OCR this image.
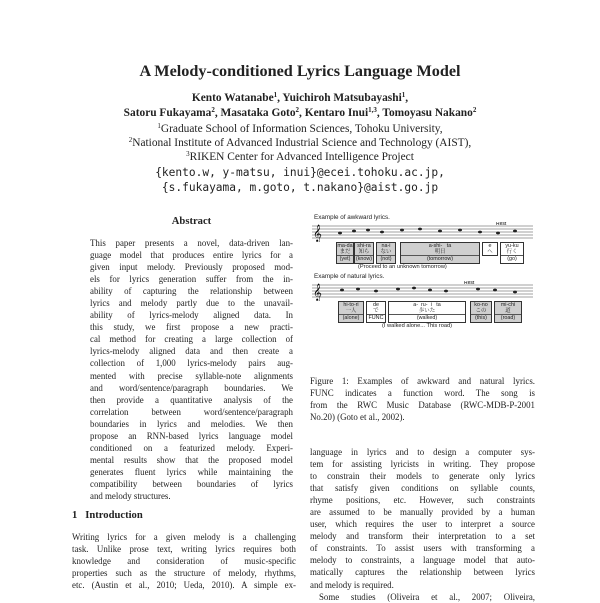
A Melody-conditioned Lyrics Language Model
Kento Watanabe$^1$, Yuichiroh Matsubayashi$^1$,
Satoru Fukayama$^2$, Masataka Goto$^2$, Kentaro Inui$^{1,3}$, Tomoyasu Nakano$^2$
$^1$Graduate School of Information Sciences, Tohoku University,
$^2$National Institute of Advanced Industrial Science and Technology (AIST),
$^3$RIKEN Center for Advanced Intelligence Project
{kento.w, y-matsu, inui}@ecei.tohoku.ac.jp,
{s.fukayama, m.goto, t.nakano}@aist.go.jp
Abstract
This paper presents a novel, data-driven lan-
guage model that produces entire lyrics for a
given input melody. Previously proposed mod-
els for lyrics generation suffer from the in-
ability of capturing the relationship between
lyrics and melody partly due to the unavail-
ability of lyrics-melody aligned data. In
this study, we first propose a new practi-
cal method for creating a large collection of
lyrics-melody aligned data and then create a
collection of 1,000 lyrics-melody pairs aug-
mented with precise syllable-note alignments
and word/sentence/paragraph boundaries. We
then provide a quantitative analysis of the
correlation between word/sentence/paragraph
boundaries in lyrics and melodies. We then
propose an RNN-based lyrics language model
conditioned on a featurized melody. Experi-
mental results show that the proposed model
generates fluent lyrics while maintaining the
compatibility between boundaries of lyrics
and melody structures.
1 Introduction
Writing lyrics for a given melody is a challenging
task. Unlike prose text, writing lyrics requires both
knowledge and consideration of music-specific
properties such as the structure of melody, rhythms,
etc. (Austin et al., 2010; Ueda, 2010). A simple ex-
Example of awkward lyrics.
𝄞	Rest
ma-da
まだ
(yet)
shi-ra
知ら
(know)
na-i
ない
(not)
a-shi-   ta
明日
(tomorrow)
e
へ
yu-ku
行く
(go)
(Proceed to an unknown tomorrow)
Example of natural lyrics.
𝄞	Rest
hi-to-ri
一人
(alone)
de
で
FUNC
a-  ru-  i   ta
歩いた
(walked)
ko-no
この
(this)
mi-chi
道
(road)
(I walked alone... This road)
Figure 1: Examples of awkward and natural lyrics.
FUNC indicates a function word. The song is
from the RWC Music Database (RWC-MDB-P-2001
No.20) (Goto et al., 2002).
language in lyrics and to design a computer sys-
tem for assisting lyricists in writing. They propose
to constrain their models to generate only lyrics
that satisfy given conditions on syllable counts,
rhyme positions, etc. However, such constraints
are assumed to be manually provided by a human
user, which requires the user to interpret a source
melody and transform their interpretation to a set
of constraints. To assist users with transforming a
melody to constraints, a language model that auto-
matically captures the relationship between lyrics
and melody is required.
Some studies (Oliveira et al., 2007; Oliveira,
